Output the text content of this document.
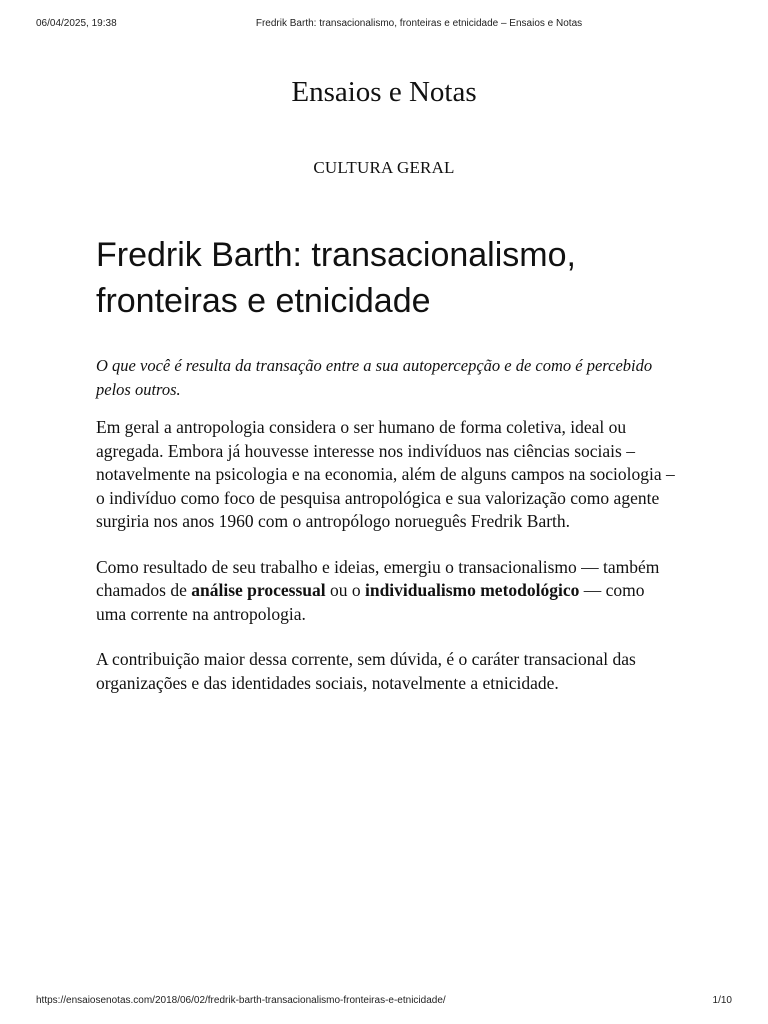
06/04/2025, 19:38	Fredrik Barth: transacionalismo, fronteiras e etnicidade – Ensaios e Notas
Ensaios e Notas
CULTURA GERAL
Fredrik Barth: transacionalismo, fronteiras e etnicidade

O que você é resulta da transação entre a sua autopercepção e de como é percebido pelos outros.

Em geral a antropologia considera o ser humano de forma coletiva, ideal ou agregada. Embora já houvesse interesse nos indivíduos nas ciências sociais – notavelmente na psicologia e na economia, além de alguns campos na sociologia – o indivíduo como foco de pesquisa antropológica e sua valorização como agente surgiria nos anos 1960 com o antropólogo norueguês Fredrik Barth.

Como resultado de seu trabalho e ideias, emergiu o transacionalismo — também chamados de análise processual ou o individualismo metodológico — como uma corrente na antropologia.

A contribuição maior dessa corrente, sem dúvida, é o caráter transacional das organizações e das identidades sociais, notavelmente a etnicidade.

https://ensaiosenotas.com/2018/06/02/fredrik-barth-transacionalismo-fronteiras-e-etnicidade/	1/10
